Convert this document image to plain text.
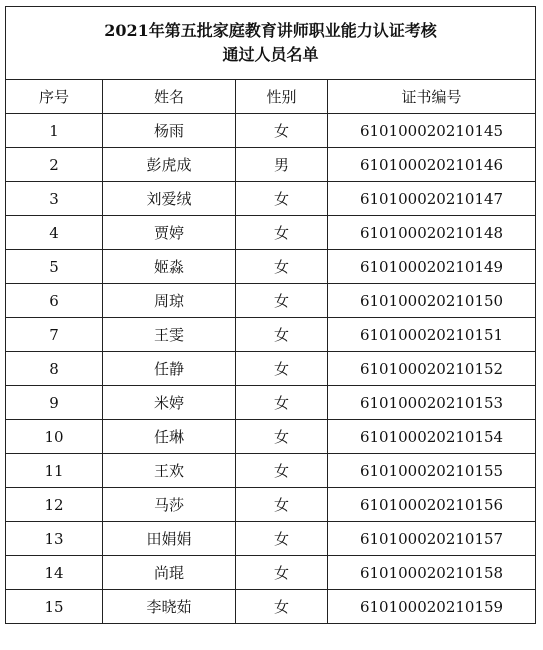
2021年第五批家庭教育讲师职业能力认证考核
通过人员名单			

序号	姓名	性别	证书编号
1	杨雨	女	610100020210145
2	彭虎成	男	610100020210146
3	刘爱绒	女	610100020210147
4	贾婷	女	610100020210148
5	姬淼	女	610100020210149
6	周琼	女	610100020210150
7	王雯	女	610100020210151
8	任静	女	610100020210152
9	米婷	女	610100020210153
10	任琳	女	610100020210154
11	王欢	女	610100020210155
12	马莎	女	610100020210156
13	田娟娟	女	610100020210157
14	尚琨	女	610100020210158
15	李晓茹	女	610100020210159
